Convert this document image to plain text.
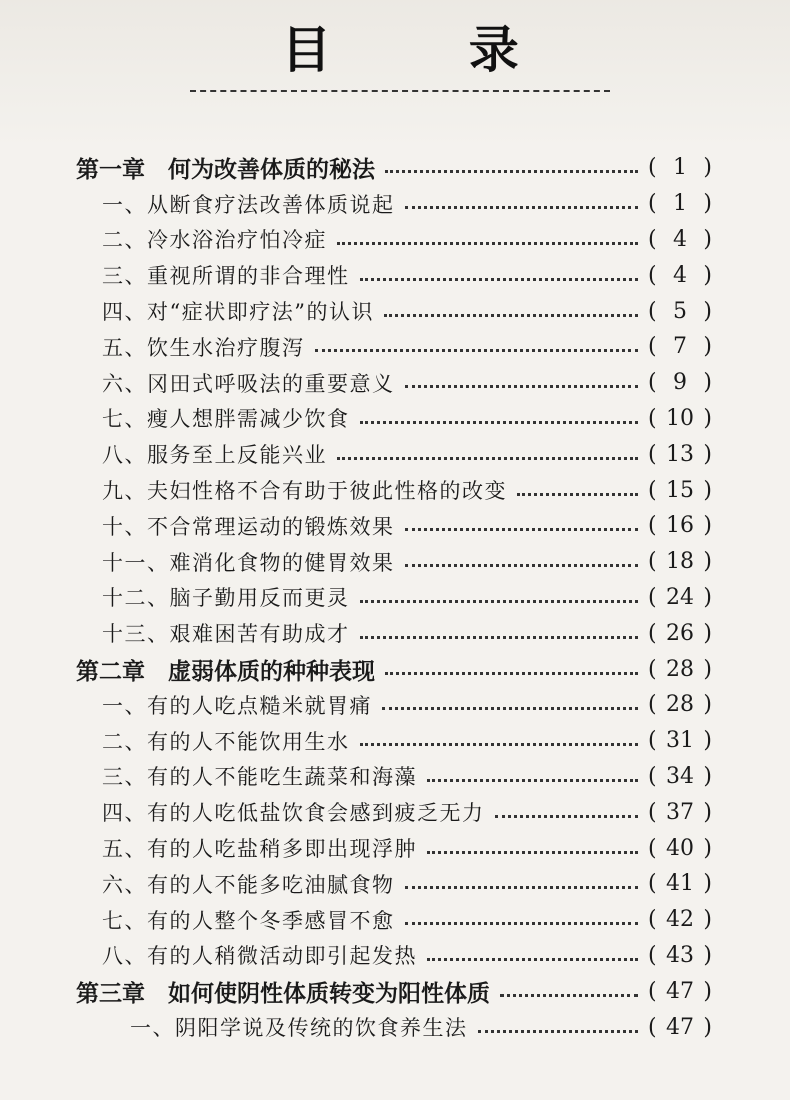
目 录
第一章　何为改善体质的秘法	( 1 )
一、从断食疗法改善体质说起	( 1 )
二、冷水浴治疗怕冷症	( 4 )
三、重视所谓的非合理性	( 4 )
四、对“症状即疗法”的认识	( 5 )
五、饮生水治疗腹泻	( 7 )
六、冈田式呼吸法的重要意义	( 9 )
七、瘦人想胖需减少饮食	( 10 )
八、服务至上反能兴业	( 13 )
九、夫妇性格不合有助于彼此性格的改变	( 15 )
十、不合常理运动的锻炼效果	( 16 )
十一、难消化食物的健胃效果	( 18 )
十二、脑子勤用反而更灵	( 24 )
十三、艰难困苦有助成才	( 26 )
第二章　虚弱体质的种种表现	( 28 )
一、有的人吃点糙米就胃痛	( 28 )
二、有的人不能饮用生水	( 31 )
三、有的人不能吃生蔬菜和海藻	( 34 )
四、有的人吃低盐饮食会感到疲乏无力	( 37 )
五、有的人吃盐稍多即出现浮肿	( 40 )
六、有的人不能多吃油腻食物	( 41 )
七、有的人整个冬季感冒不愈	( 42 )
八、有的人稍微活动即引起发热	( 43 )
第三章　如何使阴性体质转变为阳性体质	( 47 )
一、阴阳学说及传统的饮食养生法	( 47 )
